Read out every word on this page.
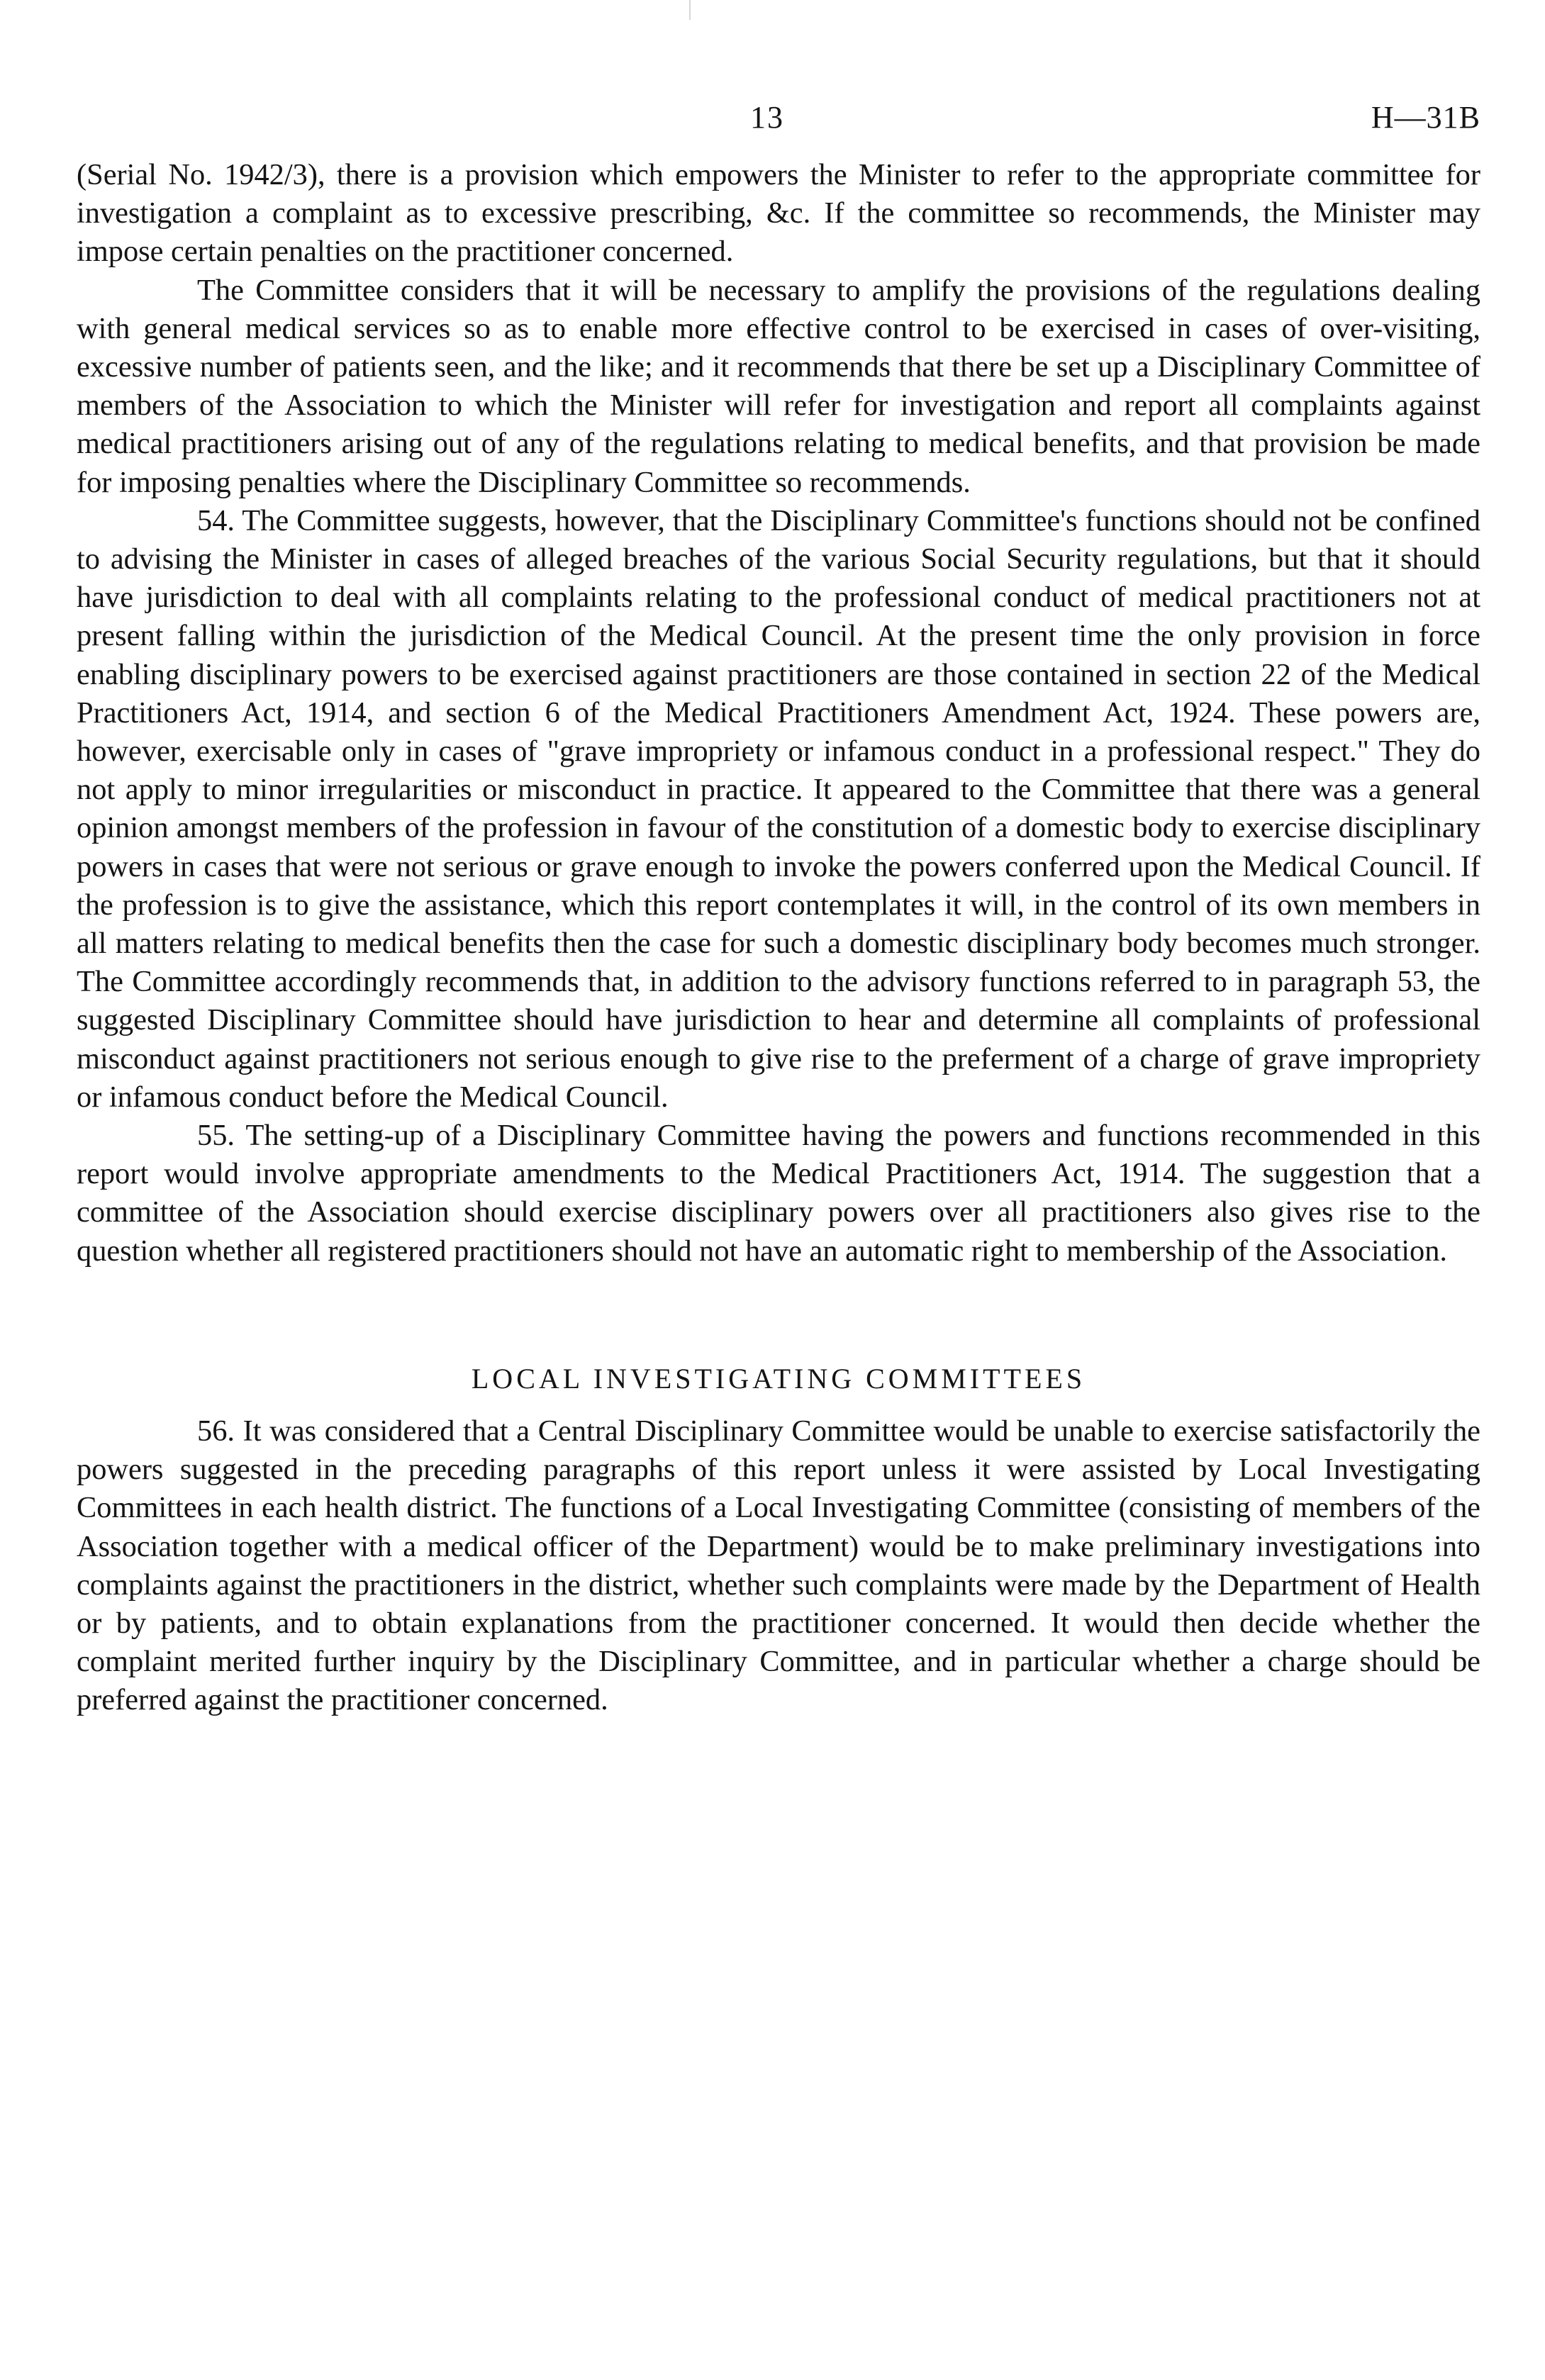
13	H—31B

(Serial No. 1942/3), there is a provision which empowers the Minister to refer to the appropriate committee for investigation a complaint as to excessive prescribing, &c. If the committee so recommends, the Minister may impose certain penalties on the practitioner concerned.

The Committee considers that it will be necessary to amplify the provisions of the regulations dealing with general medical services so as to enable more effective control to be exercised in cases of over-visiting, excessive number of patients seen, and the like; and it recommends that there be set up a Disciplinary Committee of members of the Association to which the Minister will refer for investigation and report all complaints against medical practitioners arising out of any of the regulations relating to medical benefits, and that provision be made for imposing penalties where the Disciplinary Committee so recommends.

54. The Committee suggests, however, that the Disciplinary Committee's functions should not be confined to advising the Minister in cases of alleged breaches of the various Social Security regulations, but that it should have jurisdiction to deal with all complaints relating to the professional conduct of medical practitioners not at present falling within the jurisdiction of the Medical Council. At the present time the only provision in force enabling disciplinary powers to be exercised against practitioners are those contained in section 22 of the Medical Practitioners Act, 1914, and section 6 of the Medical Practitioners Amendment Act, 1924. These powers are, however, exercisable only in cases of "grave impropriety or infamous conduct in a professional respect." They do not apply to minor irregularities or misconduct in practice. It appeared to the Committee that there was a general opinion amongst members of the profession in favour of the constitution of a domestic body to exercise disciplinary powers in cases that were not serious or grave enough to invoke the powers conferred upon the Medical Council. If the profession is to give the assistance, which this report contemplates it will, in the control of its own members in all matters relating to medical benefits then the case for such a domestic disciplinary body becomes much stronger. The Committee accordingly recommends that, in addition to the advisory functions referred to in paragraph 53, the suggested Disciplinary Committee should have jurisdiction to hear and determine all complaints of professional misconduct against practitioners not serious enough to give rise to the preferment of a charge of grave impropriety or infamous conduct before the Medical Council.

55. The setting-up of a Disciplinary Committee having the powers and functions recommended in this report would involve appropriate amendments to the Medical Practitioners Act, 1914. The suggestion that a committee of the Association should exercise disciplinary powers over all practitioners also gives rise to the question whether all registered practitioners should not have an automatic right to membership of the Association.

LOCAL INVESTIGATING COMMITTEES

56. It was considered that a Central Disciplinary Committee would be unable to exercise satisfactorily the powers suggested in the preceding paragraphs of this report unless it were assisted by Local Investigating Committees in each health district. The functions of a Local Investigating Committee (consisting of members of the Association together with a medical officer of the Department) would be to make preliminary investigations into complaints against the practitioners in the district, whether such complaints were made by the Department of Health or by patients, and to obtain explanations from the practitioner concerned. It would then decide whether the complaint merited further inquiry by the Disciplinary Committee, and in particular whether a charge should be preferred against the practitioner concerned.
